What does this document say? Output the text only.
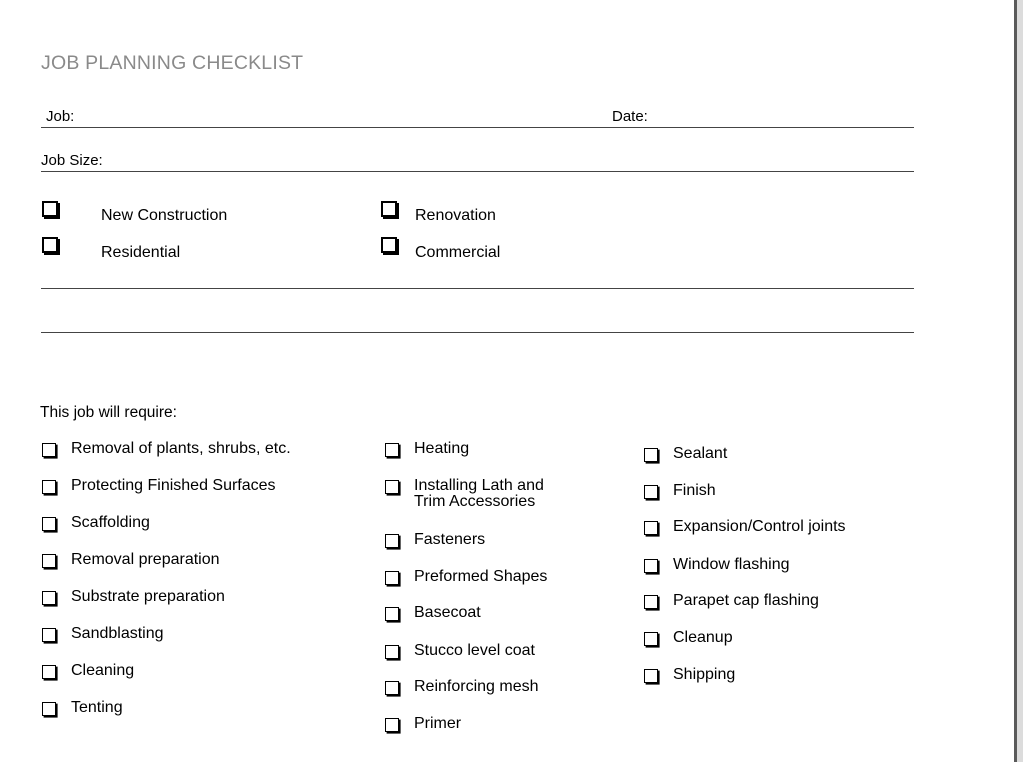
JOB PLANNING CHECKLIST
Job:	Date:
Job Size:
New Construction	Renovation
Residential	Commercial
This job will require:
Removal of plants, shrubs, etc.
Protecting Finished Surfaces
Scaffolding
Removal preparation
Substrate preparation
Sandblasting
Cleaning
Tenting
Heating
Installing Lath and
Trim Accessories
Fasteners
Preformed Shapes
Basecoat
Stucco level coat
Reinforcing mesh
Primer
Sealant
Finish
Expansion/Control joints
Window flashing
Parapet cap flashing
Cleanup
Shipping
